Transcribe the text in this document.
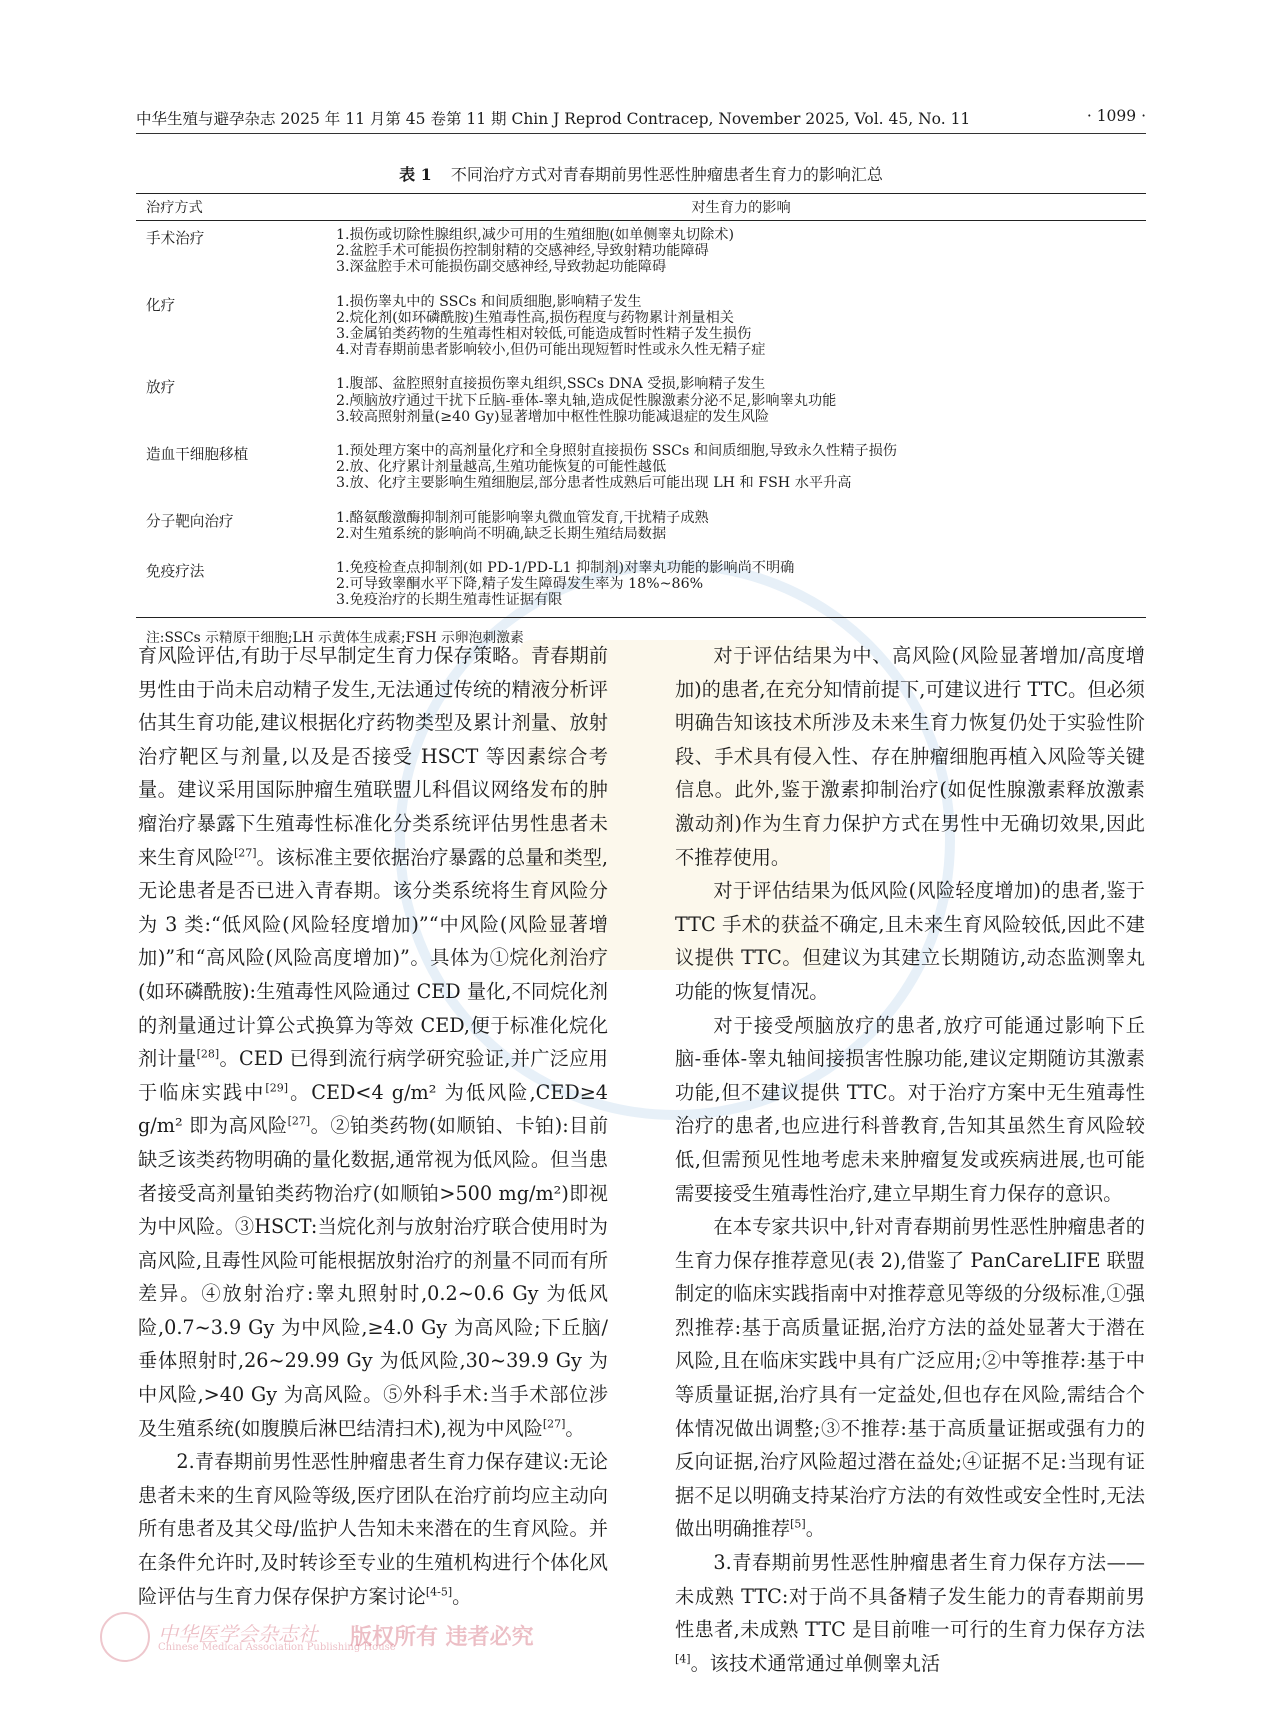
中华生殖与避孕杂志 2025 年 11 月第 45 卷第 11 期 Chin J Reprod Contracep, November 2025, Vol. 45, No. 11	· 1099 ·
表 1 不同治疗方式对青春期前男性恶性肿瘤患者生育力的影响汇总
治疗方式	对生育力的影响
手术治疗	1.损伤或切除性腺组织,减少可用的生殖细胞(如单侧睾丸切除术)
2.盆腔手术可能损伤控制射精的交感神经,导致射精功能障碍
3.深盆腔手术可能损伤副交感神经,导致勃起功能障碍

化疗	1.损伤睾丸中的 SSCs 和间质细胞,影响精子发生
2.烷化剂(如环磷酰胺)生殖毒性高,损伤程度与药物累计剂量相关
3.金属铂类药物的生殖毒性相对较低,可能造成暂时性精子发生损伤
4.对青春期前患者影响较小,但仍可能出现短暂时性或永久性无精子症

放疗	1.腹部、盆腔照射直接损伤睾丸组织,SSCs DNA 受损,影响精子发生
2.颅脑放疗通过干扰下丘脑-垂体-睾丸轴,造成促性腺激素分泌不足,影响睾丸功能
3.较高照射剂量(≥40 Gy)显著增加中枢性性腺功能减退症的发生风险

造血干细胞移植	1.预处理方案中的高剂量化疗和全身照射直接损伤 SSCs 和间质细胞,导致永久性精子损伤
2.放、化疗累计剂量越高,生殖功能恢复的可能性越低
3.放、化疗主要影响生殖细胞层,部分患者性成熟后可能出现 LH 和 FSH 水平升高

分子靶向治疗	1.酪氨酸激酶抑制剂可能影响睾丸微血管发育,干扰精子成熟
2.对生殖系统的影响尚不明确,缺乏长期生殖结局数据

免疫疗法	1.免疫检查点抑制剂(如 PD-1/PD-L1 抑制剂)对睾丸功能的影响尚不明确
2.可导致睾酮水平下降,精子发生障碍发生率为 18%~86%
3.免疫治疗的长期生殖毒性证据有限
注:SSCs 示精原干细胞;LH 示黄体生成素;FSH 示卵泡刺激素

育风险评估,有助于尽早制定生育力保存策略。青春期前男性由于尚未启动精子发生,无法通过传统的精液分析评估其生育功能,建议根据化疗药物类型及累计剂量、放射治疗靶区与剂量,以及是否接受 HSCT 等因素综合考量。建议采用国际肿瘤生殖联盟儿科倡议网络发布的肿瘤治疗暴露下生殖毒性标准化分类系统评估男性患者未来生育风险[27]。该标准主要依据治疗暴露的总量和类型,无论患者是否已进入青春期。该分类系统将生育风险分为 3 类:“低风险(风险轻度增加)”“中风险(风险显著增加)”和“高风险(风险高度增加)”。具体为①烷化剂治疗(如环磷酰胺):生殖毒性风险通过 CED 量化,不同烷化剂的剂量通过计算公式换算为等效 CED,便于标准化烷化剂计量[28]。CED 已得到流行病学研究验证,并广泛应用于临床实践中[29]。CED<4 g/m² 为低风险,CED≥4 g/m² 即为高风险[27]。②铂类药物(如顺铂、卡铂):目前缺乏该类药物明确的量化数据,通常视为低风险。但当患者接受高剂量铂类药物治疗(如顺铂>500 mg/m²)即视为中风险。③HSCT:当烷化剂与放射治疗联合使用时为高风险,且毒性风险可能根据放射治疗的剂量不同而有所差异。④放射治疗:睾丸照射时,0.2~0.6 Gy 为低风险,0.7~3.9 Gy 为中风险,≥4.0 Gy 为高风险;下丘脑/垂体照射时,26~29.99 Gy 为低风险,30~39.9 Gy 为中风险,>40 Gy 为高风险。⑤外科手术:当手术部位涉及生殖系统(如腹膜后淋巴结清扫术),视为中风险[27]。

2.青春期前男性恶性肿瘤患者生育力保存建议:无论患者未来的生育风险等级,医疗团队在治疗前均应主动向所有患者及其父母/监护人告知未来潜在的生育风险。并在条件允许时,及时转诊至专业的生殖机构进行个体化风险评估与生育力保存保护方案讨论[4-5]。

对于评估结果为中、高风险(风险显著增加/高度增加)的患者,在充分知情前提下,可建议进行 TTC。但必须明确告知该技术所涉及未来生育力恢复仍处于实验性阶段、手术具有侵入性、存在肿瘤细胞再植入风险等关键信息。此外,鉴于激素抑制治疗(如促性腺激素释放激素激动剂)作为生育力保护方式在男性中无确切效果,因此不推荐使用。

对于评估结果为低风险(风险轻度增加)的患者,鉴于 TTC 手术的获益不确定,且未来生育风险较低,因此不建议提供 TTC。但建议为其建立长期随访,动态监测睾丸功能的恢复情况。

对于接受颅脑放疗的患者,放疗可能通过影响下丘脑-垂体-睾丸轴间接损害性腺功能,建议定期随访其激素功能,但不建议提供 TTC。对于治疗方案中无生殖毒性治疗的患者,也应进行科普教育,告知其虽然生育风险较低,但需预见性地考虑未来肿瘤复发或疾病进展,也可能需要接受生殖毒性治疗,建立早期生育力保存的意识。

在本专家共识中,针对青春期前男性恶性肿瘤患者的生育力保存推荐意见(表 2),借鉴了 PanCareLIFE 联盟制定的临床实践指南中对推荐意见等级的分级标准,①强烈推荐:基于高质量证据,治疗方法的益处显著大于潜在风险,且在临床实践中具有广泛应用;②中等推荐:基于中等质量证据,治疗具有一定益处,但也存在风险,需结合个体情况做出调整;③不推荐:基于高质量证据或强有力的反向证据,治疗风险超过潜在益处;④证据不足:当现有证据不足以明确支持某治疗方法的有效性或安全性时,无法做出明确推荐[5]。

3.青春期前男性恶性肿瘤患者生育力保存方法——未成熟 TTC:对于尚不具备精子发生能力的青春期前男性患者,未成熟 TTC 是目前唯一可行的生育力保存方法[4]。该技术通常通过单侧睾丸活

中华医学会杂志社
Chinese Medical Association Publishing House
版权所有 违者必究
